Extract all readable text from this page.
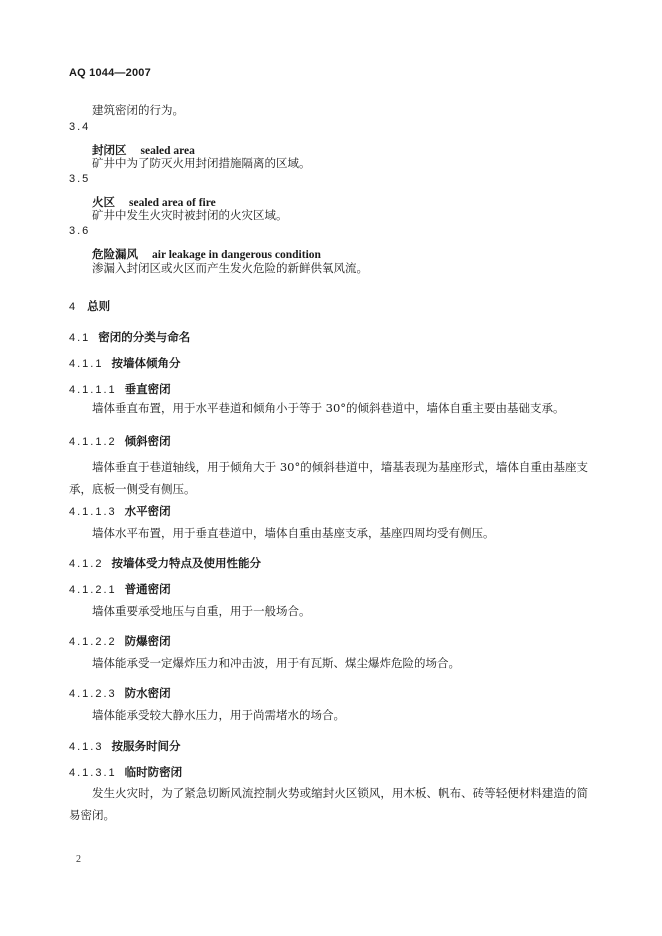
AQ 1044—2007
建筑密闭的行为。
3.4
封闭区 sealed area
矿井中为了防灭火用封闭措施隔离的区域。
3.5
火区 sealed area of fire
矿井中发生火灾时被封闭的火灾区域。
3.6
危险漏风 air leakage in dangerous condition
渗漏入封闭区或火区而产生发火危险的新鲜供氧风流。
4 总则
4.1 密闭的分类与命名
4.1.1 按墙体倾角分
4.1.1.1 垂直密闭
墙体垂直布置，用于水平巷道和倾角小于等于 30°的倾斜巷道中，墙体自重主要由基础支承。
4.1.1.2 倾斜密闭
墙体垂直于巷道轴线，用于倾角大于 30°的倾斜巷道中，墙基表现为基座形式，墙体自重由基座支承，底板一侧受有侧压。
4.1.1.3 水平密闭
墙体水平布置，用于垂直巷道中，墙体自重由基座支承，基座四周均受有侧压。
4.1.2 按墙体受力特点及使用性能分
4.1.2.1 普通密闭
墙体重要承受地压与自重，用于一般场合。
4.1.2.2 防爆密闭
墙体能承受一定爆炸压力和冲击波，用于有瓦斯、煤尘爆炸危险的场合。
4.1.2.3 防水密闭
墙体能承受较大静水压力，用于尚需堵水的场合。
4.1.3 按服务时间分
4.1.3.1 临时防密闭
发生火灾时，为了紧急切断风流控制火势或缩封火区锁风，用木板、帆布、砖等轻便材料建造的简易密闭。
2
